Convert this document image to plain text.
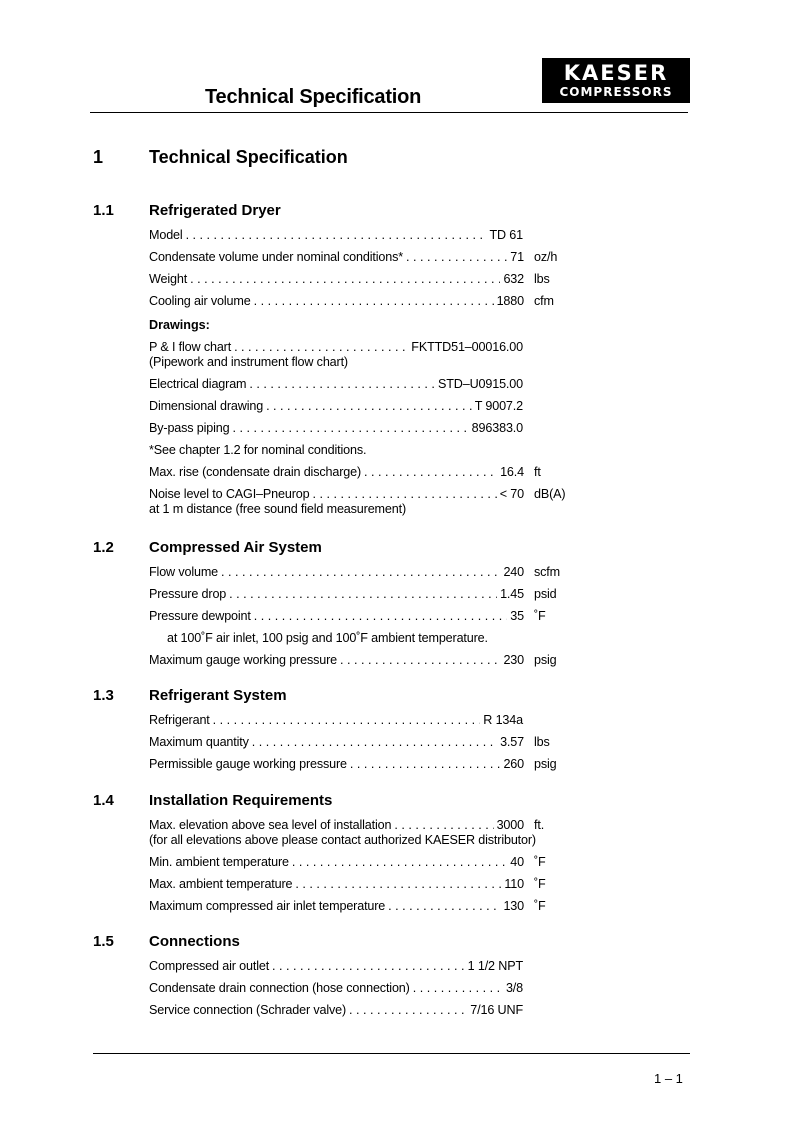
Technical Specification
KAESER
COMPRESSORS
1	Technical Specification
1.1 Refrigerated Dryer
Model . . .	TD 61
Condensate volume under nominal conditions* . . .	71 oz/h
Weight . . .	632 lbs
Cooling air volume . . .	1880 cfm
Drawings:
P & I flow chart . . .	FKTTD51–00016.00
(Pipework and instrument flow chart)
Electrical diagram . . .	STD–U0915.00
Dimensional drawing . . .	T 9007.2
By-pass piping . . .	896383.0
*See chapter 1.2 for nominal conditions.
Max. rise (condensate drain discharge) . . .	16.4 ft
Noise level to CAGI–Pneurop . . .	< 70 dB(A)
at 1 m distance (free sound field measurement)
1.2 Compressed Air System
Flow volume . . .	240 scfm
Pressure drop . . .	1.45 psid
Pressure dewpoint . . .	35 ˚F
at 100˚F air inlet, 100 psig and 100˚F ambient temperature.
Maximum gauge working pressure . . .	230 psig
1.3 Refrigerant System
Refrigerant . . .	R 134a
Maximum quantity . . .	3.57 lbs
Permissible gauge working pressure . . .	260 psig
1.4 Installation Requirements
Max. elevation above sea level of installation . . .	3000 ft.
(for all elevations above please contact authorized KAESER distributor)
Min. ambient temperature . . .	40 ˚F
Max. ambient temperature . . .	110 ˚F
Maximum compressed air inlet temperature . . .	130 ˚F
1.5 Connections
Compressed air outlet . . .	1 1/2 NPT
Condensate drain connection (hose connection) . . .	3/8
Service connection (Schrader valve) . . .	7/16 UNF
1 – 1
